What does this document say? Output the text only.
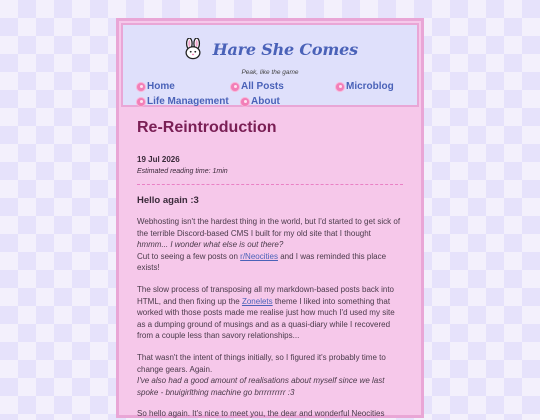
Hare She Comes
Peak, like the game
Home	All Posts	Microblog
Life Management About
Re-Reintroduction
19 Jul 2026
Estimated reading time: 1min
Hello again :3

Webhosting isn't the hardest thing in the world, but I'd started to get sick of the terrible Discord-based CMS I built for my old site that I thought hmmm... I wonder what else is out there?

Cut to seeing a few posts on r/Neocities and I was reminded this place exists!

The slow process of transposing all my markdown-based posts back into HTML, and then fixing up the Zonelets theme I liked into something that worked with those posts made me realise just how much I'd used my site as a dumping ground of musings and as a quasi-diary while I recovered from a couple less than savory relationships...

That wasn't the intent of things initially, so I figured it's probably time to change gears. Again.

I've also had a good amount of realisations about myself since we last spoke - bnuigirlthing machine go brrrrrrrrrr :3

So hello again. It's nice to meet you, the dear and wonderful Neocities
